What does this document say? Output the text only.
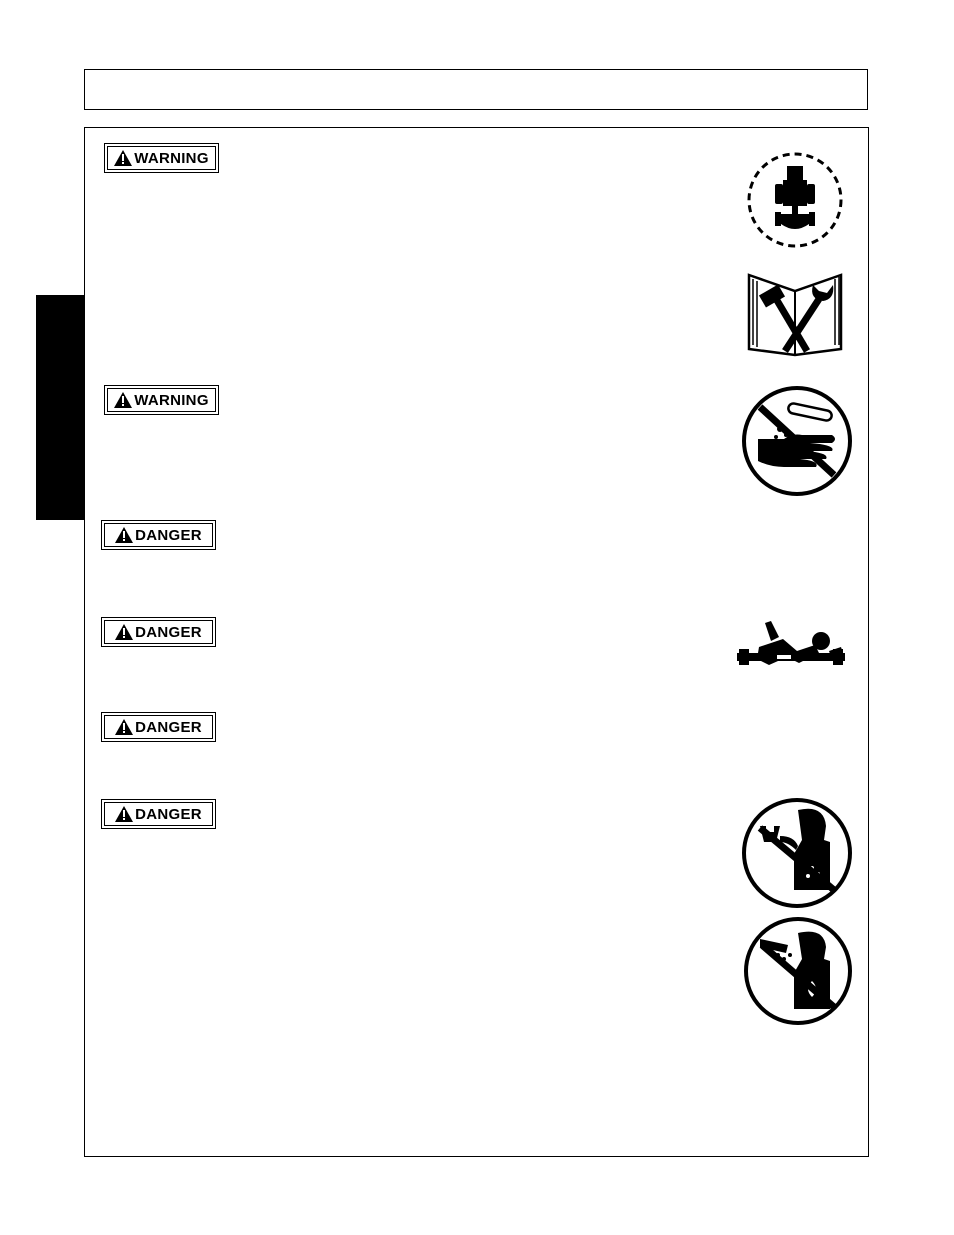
WARNING
WARNING
DANGER
DANGER
DANGER
DANGER
